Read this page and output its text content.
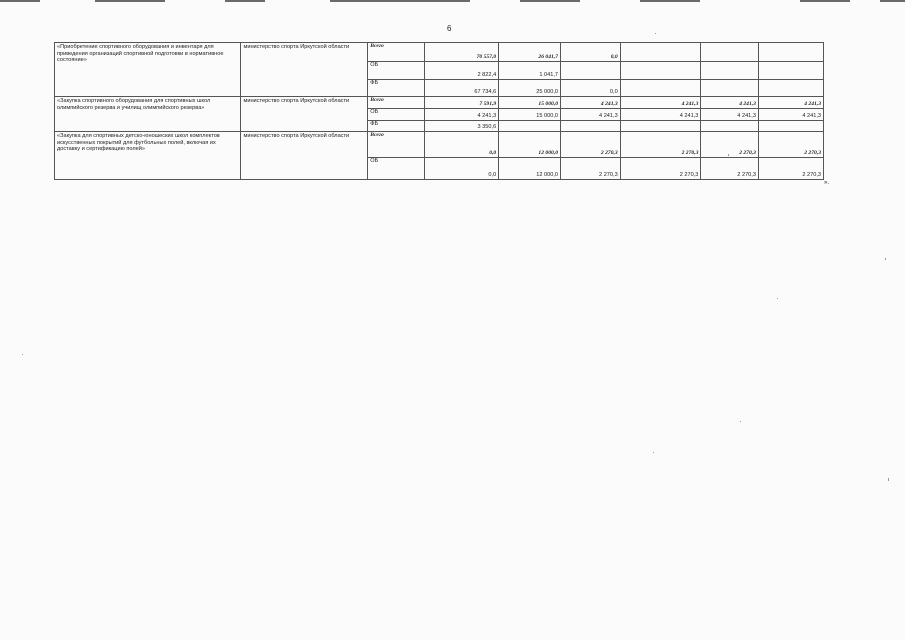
6
«Приобретение спортивного оборудования и инвентаря для приведения организаций спортивной подготовки в нормативное состояние»	министерство спорта Иркутской области	Всего	70 557,0	26 041,7	0,0			
		ОБ	2 822,4	1 041,7				
		ФБ	67 734,6	25 000,0	0,0			
«Закупка спортивного оборудования для спортивных школ олимпийского резерва и училищ олимпийского резерва»	министерство спорта Иркутской области	Всего	7 591,9	15 000,0	4 241,3	4 241,3	4 241,3	4 241,3
		ОБ	4 241,3	15 000,0	4 241,3	4 241,3	4 241,3	4 241,3
		ФБ	3 350,6					
«Закупка для спортивных детско-юношеских школ комплектов искусственных покрытий для футбольных полей, включая их доставку и сертификацию полей»	министерство спорта Иркутской области	Всего	0,0	12 000,0	2 270,3	2 270,3	2 270,3	2 270,3
		ОБ	0,0	12 000,0	2 270,3	2 270,3	2 270,3	2 270,3
».
